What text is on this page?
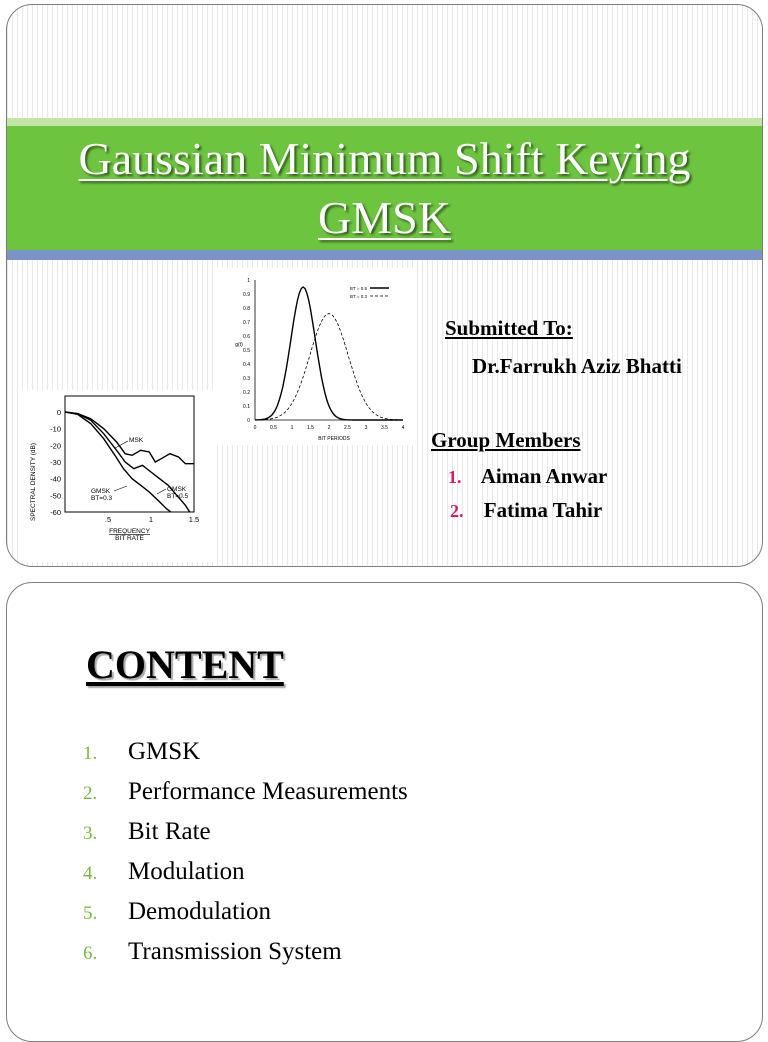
Gaussian Minimum Shift Keying
GMSK
0
0.1
0.2
0.3
0.4
0.5
0.6
0.7
0.8
0.9
1
0	0.5	1	1.5	2	2.5	3	3.5	4
BIT PERIODS
g(t)
BT = 0.5
BT = 0.3
0
-10
-20
-30
-40
-50
-60
.5	1	1.5
FREQUENCY
BIT RATE
SPECTRAL DENSITY (dB)
MSK
GMSK
BT=0.5
GMSK
BT=0.3
Submitted To:
Dr.Farrukh Aziz Bhatti
Group Members
1. Aiman Anwar
2. Fatima Tahir
CONTENT
1.	GMSK
2.	Performance Measurements
3.	Bit Rate
4.	Modulation
5.	Demodulation
6.	Transmission System
